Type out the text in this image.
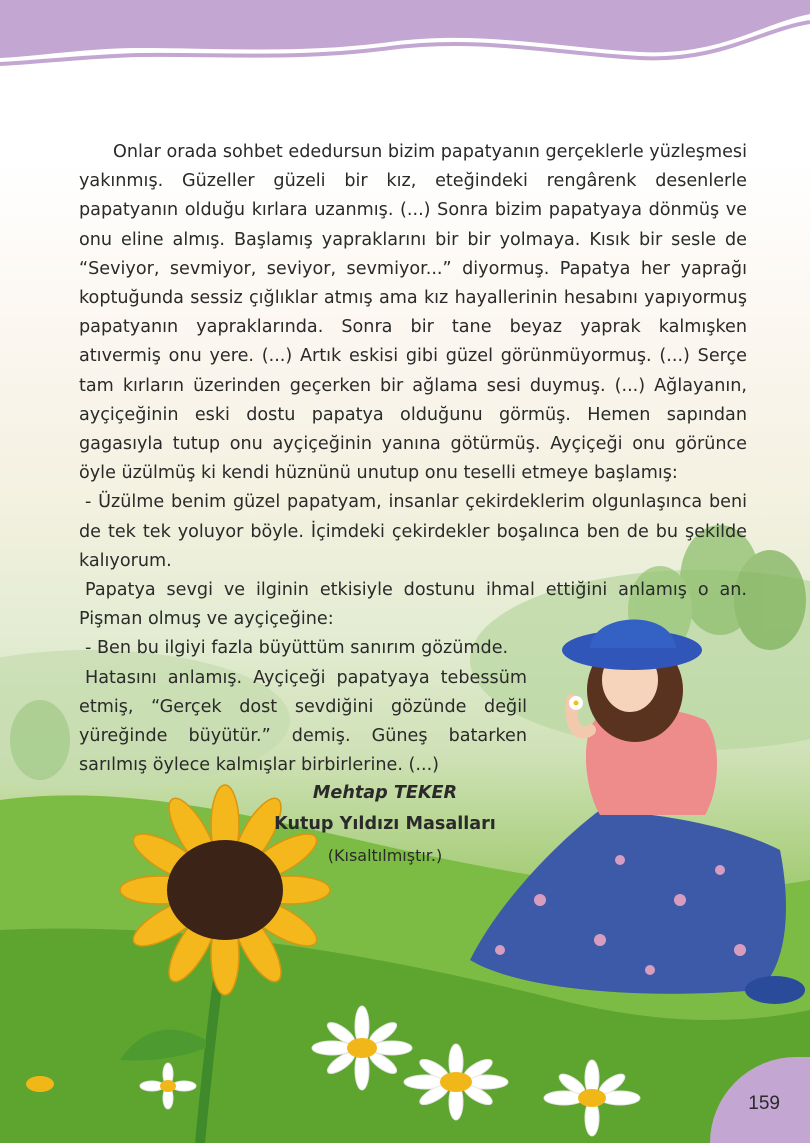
Onlar orada sohbet ededursun bizim papatyanın gerçeklerle yüzleşmesi yakınmış. Güzeller güzeli bir kız, eteğindeki rengârenk desenlerle papatyanın olduğu kırlara uzanmış. (...) Sonra bizim papatyaya dönmüş ve onu eline almış. Başlamış yapraklarını bir bir yolmaya. Kısık bir sesle de “Seviyor, sevmiyor, seviyor, sevmiyor...” diyormuş. Papatya her yaprağı koptuğunda sessiz çığlıklar atmış ama kız hayallerinin hesabını yapıyormuş papatyanın yapraklarında. Sonra bir tane beyaz yaprak kalmışken atıvermiş onu yere. (...) Artık eskisi gibi güzel görünmüyormuş. (...) Serçe tam kırların üzerinden geçerken bir ağlama sesi duymuş. (...) Ağlayanın, ayçiçeğinin eski dostu papatya olduğunu görmüş. Hemen sapından gagasıyla tutup onu ayçiçeğinin yanına götürmüş. Ayçiçeği onu görünce öyle üzülmüş ki kendi hüznünü unutup onu teselli etmeye başlamış:

- Üzülme benim güzel papatyam, insanlar çekirdeklerim olgunlaşınca beni de tek tek yoluyor böyle. İçimdeki çekirdekler boşalınca ben de bu şekilde kalıyorum.

Papatya sevgi ve ilginin etkisiyle dostunu ihmal ettiğini anlamış o an. Pişman olmuş ve ayçiçeğine:

- Ben bu ilgiyi fazla büyüttüm sanırım gözümde.

Hatasını anlamış. Ayçiçeği papatyaya tebessüm etmiş, “Gerçek dost sevdiğini gözünde değil yüreğinde büyütür.” demiş. Güneş batarken sarılmış öylece kalmışlar birbirlerine. (...)

Mehtap TEKER
Kutup Yıldızı Masalları
(Kısaltılmıştır.)
159
